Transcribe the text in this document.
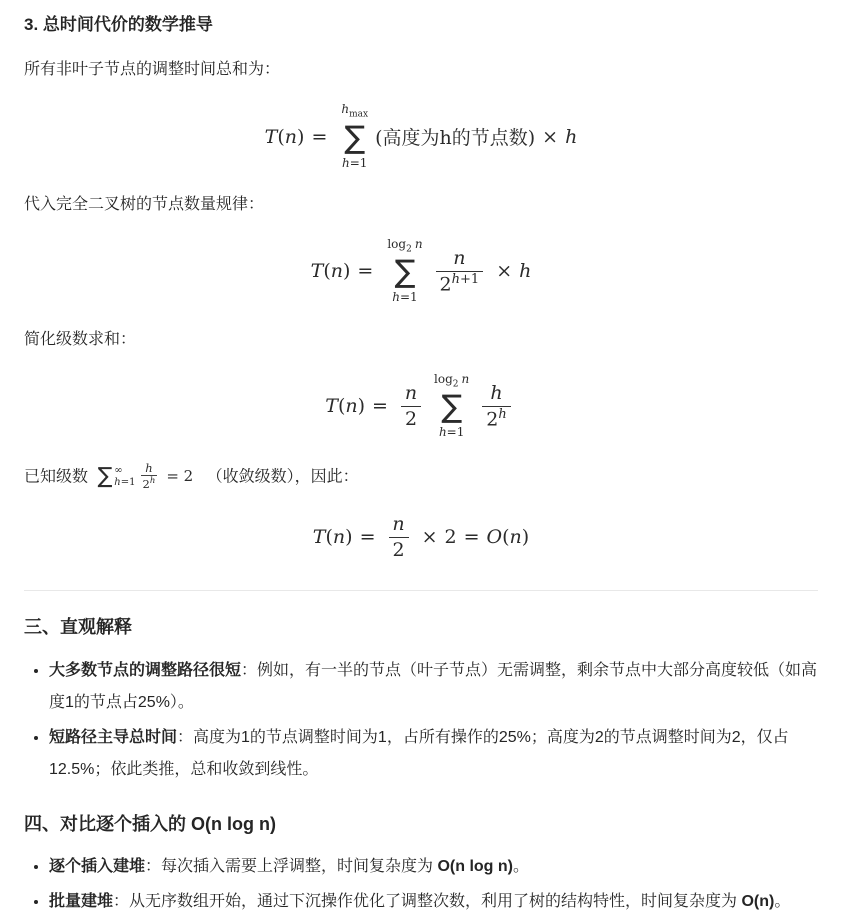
3. 总时间代价的数学推导

所有非叶子节点的调整时间总和为：

T ( n ) =
$h_{max}$
∑
h=1
(高度为h的节点数) × h

代入完全二叉树的节点数量规律：

T ( n ) =
$\log_2 n$
∑
h=1
$\frac{n}{2^{h+1}} \times h$

简化级数求和：

T ( n ) = $\frac{n}{2}$
$\log_2 n$
∑
h=1
$\frac{h}{2^h}$

已知级数 ∑ ∞
$h=1 \frac{h}{2^h} = 2$ （收敛级数），因此：

T ( n ) = $\frac{n}{2} \times 2 = O$ ( n )
三、直观解释
• 大多数节点的调整路径很短：例如，有一半的节点（叶子节点）无需调整，剩余节点中大部分高度较低（如高度1的节点占25%）。
• 短路径主导总时间：高度为1的节点调整时间为1，占所有操作的25%；高度为2的节点调整时间为2，仅占12.5%；依此类推，总和收敛到线性。
四、对比逐个插入的 O(n log n)
• 逐个插入建堆：每次插入需要上浮调整，时间复杂度为 O(n log n)。
• 批量建堆：从无序数组开始，通过下沉操作优化了调整次数，利用了树的结构特性，时间复杂度为 O(n)。
